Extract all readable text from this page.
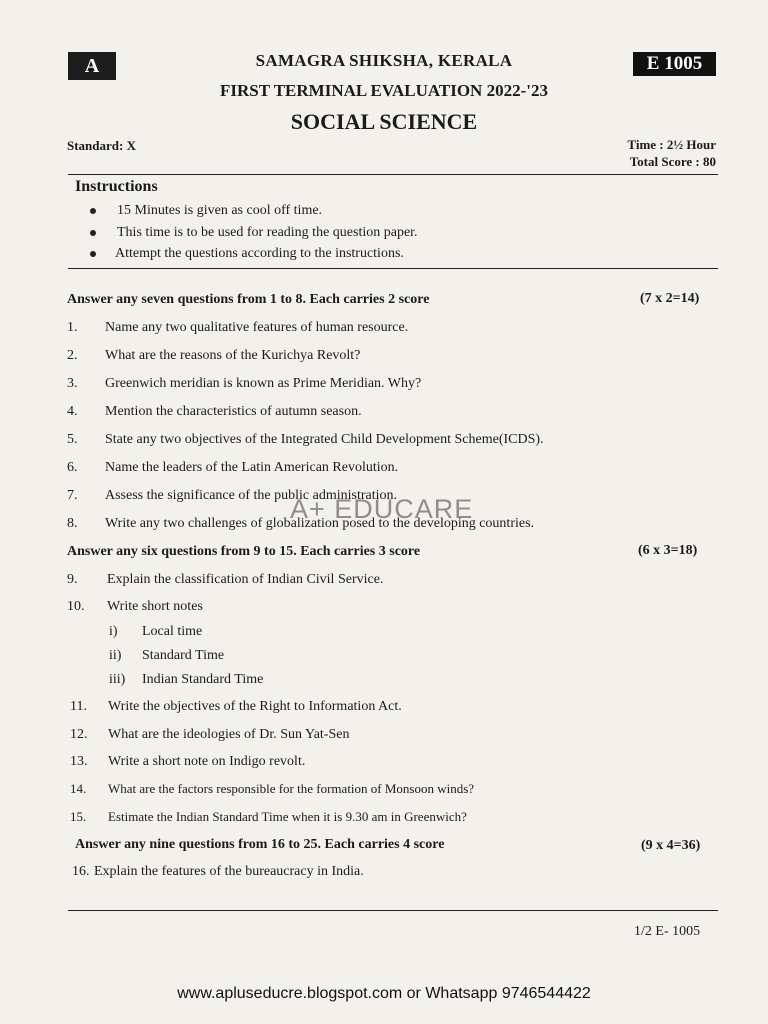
A	SAMAGRA SHIKSHA, KERALA	E 1005
FIRST TERMINAL EVALUATION 2022-'23
SOCIAL SCIENCE
Standard: X	Time : 2½ Hour
Total Score : 80
Instructions
15 Minutes is given as cool off time.
This time is to be used for reading the question paper.
Attempt the questions according to the instructions.
Answer any seven questions from 1 to 8. Each carries 2 score	(7 x 2=14)
1. Name any two qualitative features of human resource.
2. What are the reasons of the Kurichya Revolt?
3. Greenwich meridian is known as Prime Meridian. Why?
4. Mention the characteristics of autumn season.
5. State any two objectives of the Integrated Child Development Scheme(ICDS).
6. Name the leaders of the Latin American Revolution.
7. Assess the significance of the public administration.
8. Write any two challenges of globalization posed to the developing countries.
A+ EDUCARE
Answer any six questions from 9 to 15. Each carries 3 score	(6 x 3=18)
9. Explain the classification of Indian Civil Service.
10. Write short notes
i) Local time
ii) Standard Time
iii) Indian Standard Time
11. Write the objectives of the Right to Information Act.
12. What are the ideologies of Dr. Sun Yat-Sen
13. Write a short note on Indigo revolt.
14. What are the factors responsible for the formation of Monsoon winds?
15. Estimate the Indian Standard Time when it is 9.30 am in Greenwich?
Answer any nine questions from 16 to 25. Each carries 4 score	(9 x 4=36)
16. Explain the features of the bureaucracy in India.
1/2 E- 1005
www.apluseducre.blogspot.com or Whatsapp 9746544422
